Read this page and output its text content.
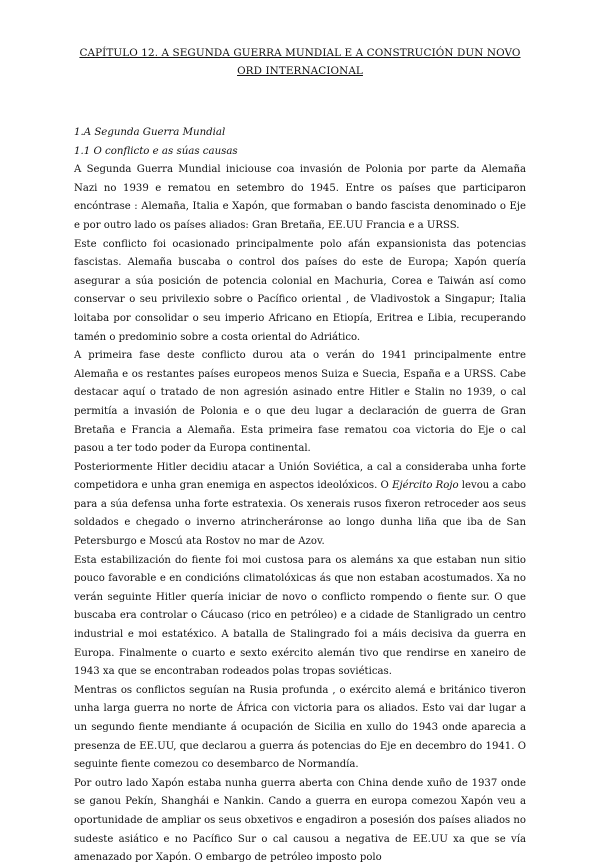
CAPÍTULO 12. A SEGUNDA GUERRA MUNDIAL E A CONSTRUCIÓN DUN NOVO ORD INTERNACIONAL
1.A Segunda Guerra Mundial
1.1 O conflicto e as súas causas

A Segunda Guerra Mundial iniciouse coa invasión de Polonia por parte da Alemaña Nazi no 1939 e rematou en setembro do 1945. Entre os países que participaron encóntrase : Alemaña, Italia e Xapón, que formaban o bando fascista denominado o Eje e por outro lado os países aliados: Gran Bretaña, EE.UU Francia e a URSS.

Este conflicto foi ocasionado principalmente polo afán expansionista das potencias fascistas. Alemaña buscaba o control dos países do este de Europa; Xapón quería asegurar a súa posición de potencia colonial en Machuria, Corea e Taiwán así como conservar o seu privilexio sobre o Pacífico oriental , de Vladivostok a Singapur; Italia loitaba por consolidar o seu imperio Africano en Etiopía, Eritrea e Libia, recuperando tamén o predominio sobre a costa oriental do Adriático.

A primeira fase deste conflicto durou ata o verán do 1941 principalmente entre Alemaña e os restantes países europeos menos Suiza e Suecia, España e a URSS. Cabe destacar aquí o tratado de non agresión asinado entre Hitler e Stalin no 1939, o cal permitía a invasión de Polonia e o que deu lugar a declaración de guerra de Gran Bretaña e Francia a Alemaña. Esta primeira fase rematou coa victoria do Eje o cal pasou a ter todo poder da Europa continental.

Posteriormente Hitler decidiu atacar a Unión Soviética, a cal a consideraba unha forte competidora e unha gran enemiga en aspectos ideolóxicos. O Ejército Rojo levou a cabo para a súa defensa unha forte estratexia. Os xenerais rusos fixeron retroceder aos seus soldados e chegado o inverno atrincheráronse ao longo dunha liña que iba de San Petersburgo e Moscú ata Rostov no mar de Azov.

Esta estabilización do fiente foi moi custosa para os alemáns xa que estaban nun sitio pouco favorable e en condicións climatolóxicas ás que non estaban acostumados. Xa no verán seguinte Hitler quería iniciar de novo o conflicto rompendo o fiente sur. O que buscaba era controlar o Cáucaso (rico en petróleo) e a cidade de Stanligrado un centro industrial e moi estatéxico. A batalla de Stalingrado foi a máis decisiva da guerra en Europa. Finalmente o cuarto e sexto exército alemán tivo que rendirse en xaneiro de 1943 xa que se encontraban rodeados polas tropas soviéticas.

Mentras os conflictos seguían na Rusia profunda , o exército alemá e británico tiveron unha larga guerra no norte de África con victoria para os aliados. Esto vai dar lugar a un segundo fiente mendiante á ocupación de Sicilia en xullo do 1943 onde aparecia a presenza de EE.UU, que declarou a guerra ás potencias do Eje en decembro do 1941. O seguinte fiente comezou co desembarco de Normandía.

Por outro lado Xapón estaba nunha guerra aberta con China dende xuño de 1937 onde se ganou Pekín, Shanghái e Nankin. Cando a guerra en europa comezou Xapón veu a oportunidade de ampliar os seus obxetivos e engadiron a posesión dos países aliados no sudeste asiático e no Pacífico Sur o cal causou a negativa de EE.UU xa que se vía amenazado por Xapón. O embargo de petróleo imposto polo
